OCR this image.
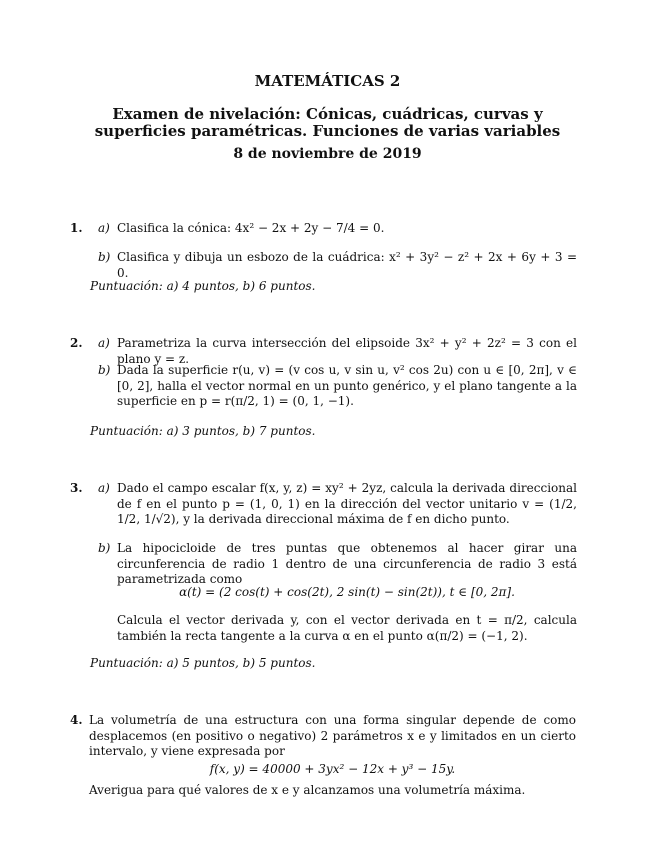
MATEMÁTICAS 2
Examen de nivelación: Cónicas, cuádricas, curvas y superficies paramétricas. Funciones de varias variables
8 de noviembre de 2019
1. a) Clasifica la cónica: 4x² − 2x + 2y − 7/4 = 0.
b) Clasifica y dibuja un esbozo de la cuádrica: x² + 3y² − z² + 2x + 6y + 3 = 0.
Puntuación: a) 4 puntos, b) 6 puntos.
2. a) Parametriza la curva intersección del elipsoide 3x² + y² + 2z² = 3 con el plano y = z.
b) Dada la superficie r(u, v) = (v cos u, v sin u, v² cos 2u) con u ∈ [0, 2π], v ∈ [0, 2], halla el vector normal en un punto genérico, y el plano tangente a la superficie en p = r(π/2, 1) = (0, 1, −1).
Puntuación: a) 3 puntos, b) 7 puntos.
3. a) Dado el campo escalar f(x, y, z) = xy² + 2yz, calcula la derivada direccional de f en el punto p = (1, 0, 1) en la dirección del vector unitario v = (1/2, 1/2, 1/√2), y la derivada direccional máxima de f en dicho punto.
b) La hipocicloide de tres puntas que obtenemos al hacer girar una circunferencia de radio 1 dentro de una circunferencia de radio 3 está parametrizada como
α(t) = (2 cos(t) + cos(2t), 2 sin(t) − sin(2t)), t ∈ [0, 2π].
Calcula el vector derivada y, con el vector derivada en t = π/2, calcula también la recta tangente a la curva α en el punto α(π/2) = (−1, 2).
Puntuación: a) 5 puntos, b) 5 puntos.
4. La volumetría de una estructura con una forma singular depende de como desplacemos (en positivo o negativo) 2 parámetros x e y limitados en un cierto intervalo, y viene expresada por
f(x, y) = 40000 + 3yx² − 12x + y³ − 15y.
Averigua para qué valores de x e y alcanzamos una volumetría máxima.
